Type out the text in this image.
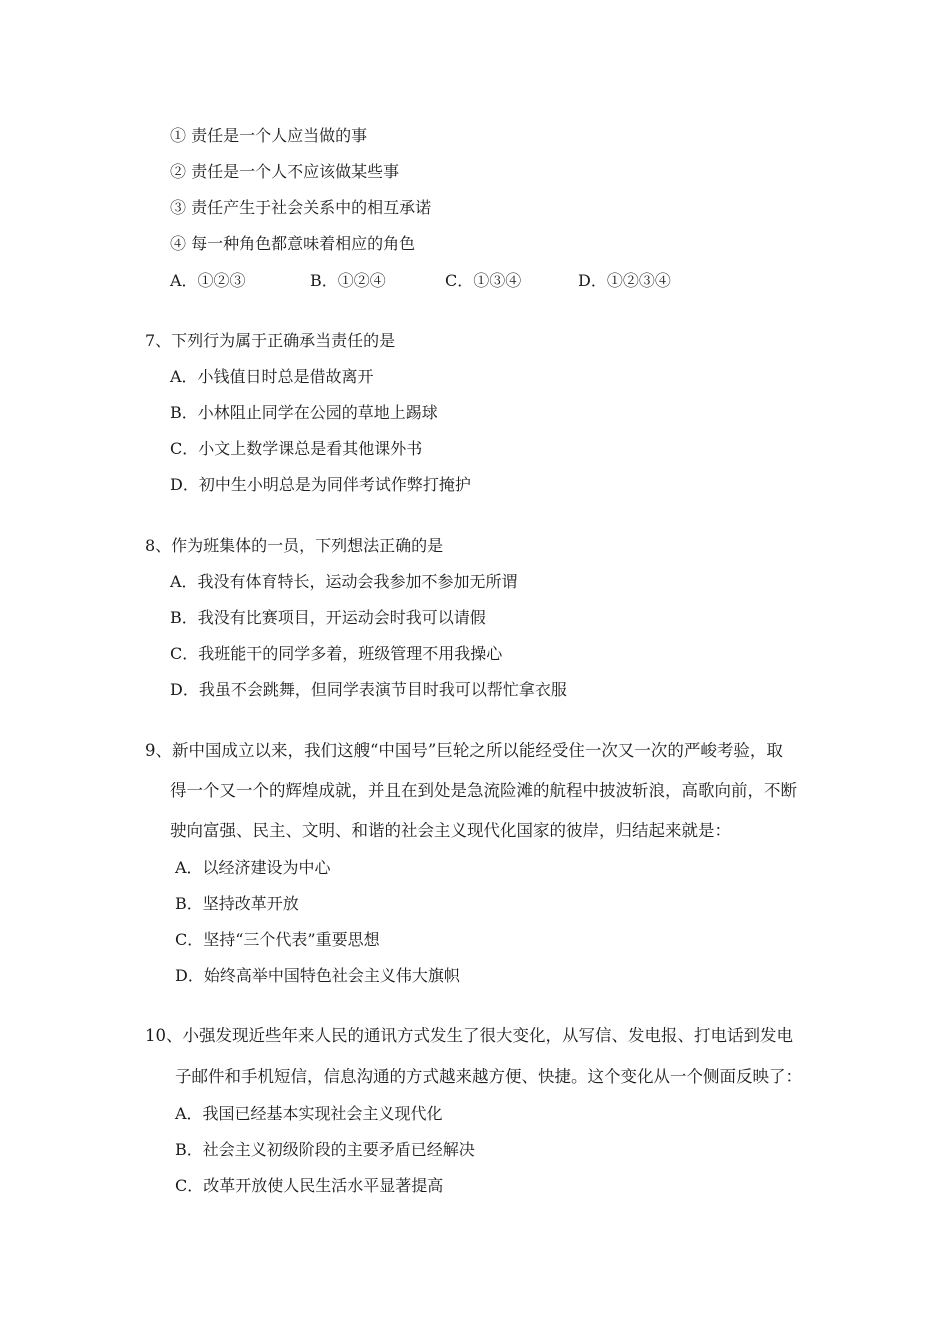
① 责任是一个人应当做的事
② 责任是一个人不应该做某些事
③ 责任产生于社会关系中的相互承诺
④ 每一种角色都意味着相应的角色
A．①②③	B．①②④	C．①③④	D．①②③④
7、下列行为属于正确承当责任的是
A．小钱值日时总是借故离开
B．小林阻止同学在公园的草地上踢球
C．小文上数学课总是看其他课外书
D．初中生小明总是为同伴考试作弊打掩护
8、作为班集体的一员，下列想法正确的是
A．我没有体育特长，运动会我参加不参加无所谓
B．我没有比赛项目，开运动会时我可以请假
C．我班能干的同学多着，班级管理不用我操心
D．我虽不会跳舞，但同学表演节目时我可以帮忙拿衣服
9、新中国成立以来，我们这艘“中国号”巨轮之所以能经受住一次又一次的严峻考验，取
得一个又一个的辉煌成就，并且在到处是急流险滩的航程中披波斩浪，高歌向前，不断
驶向富强、民主、文明、和谐的社会主义现代化国家的彼岸，归结起来就是：
A．以经济建设为中心
B．坚持改革开放
C．坚持“三个代表”重要思想
D．始终高举中国特色社会主义伟大旗帜
10、小强发现近些年来人民的通讯方式发生了很大变化，从写信、发电报、打电话到发电
子邮件和手机短信，信息沟通的方式越来越方便、快捷。这个变化从一个侧面反映了：
A．我国已经基本实现社会主义现代化
B．社会主义初级阶段的主要矛盾已经解决
C．改革开放使人民生活水平显著提高
